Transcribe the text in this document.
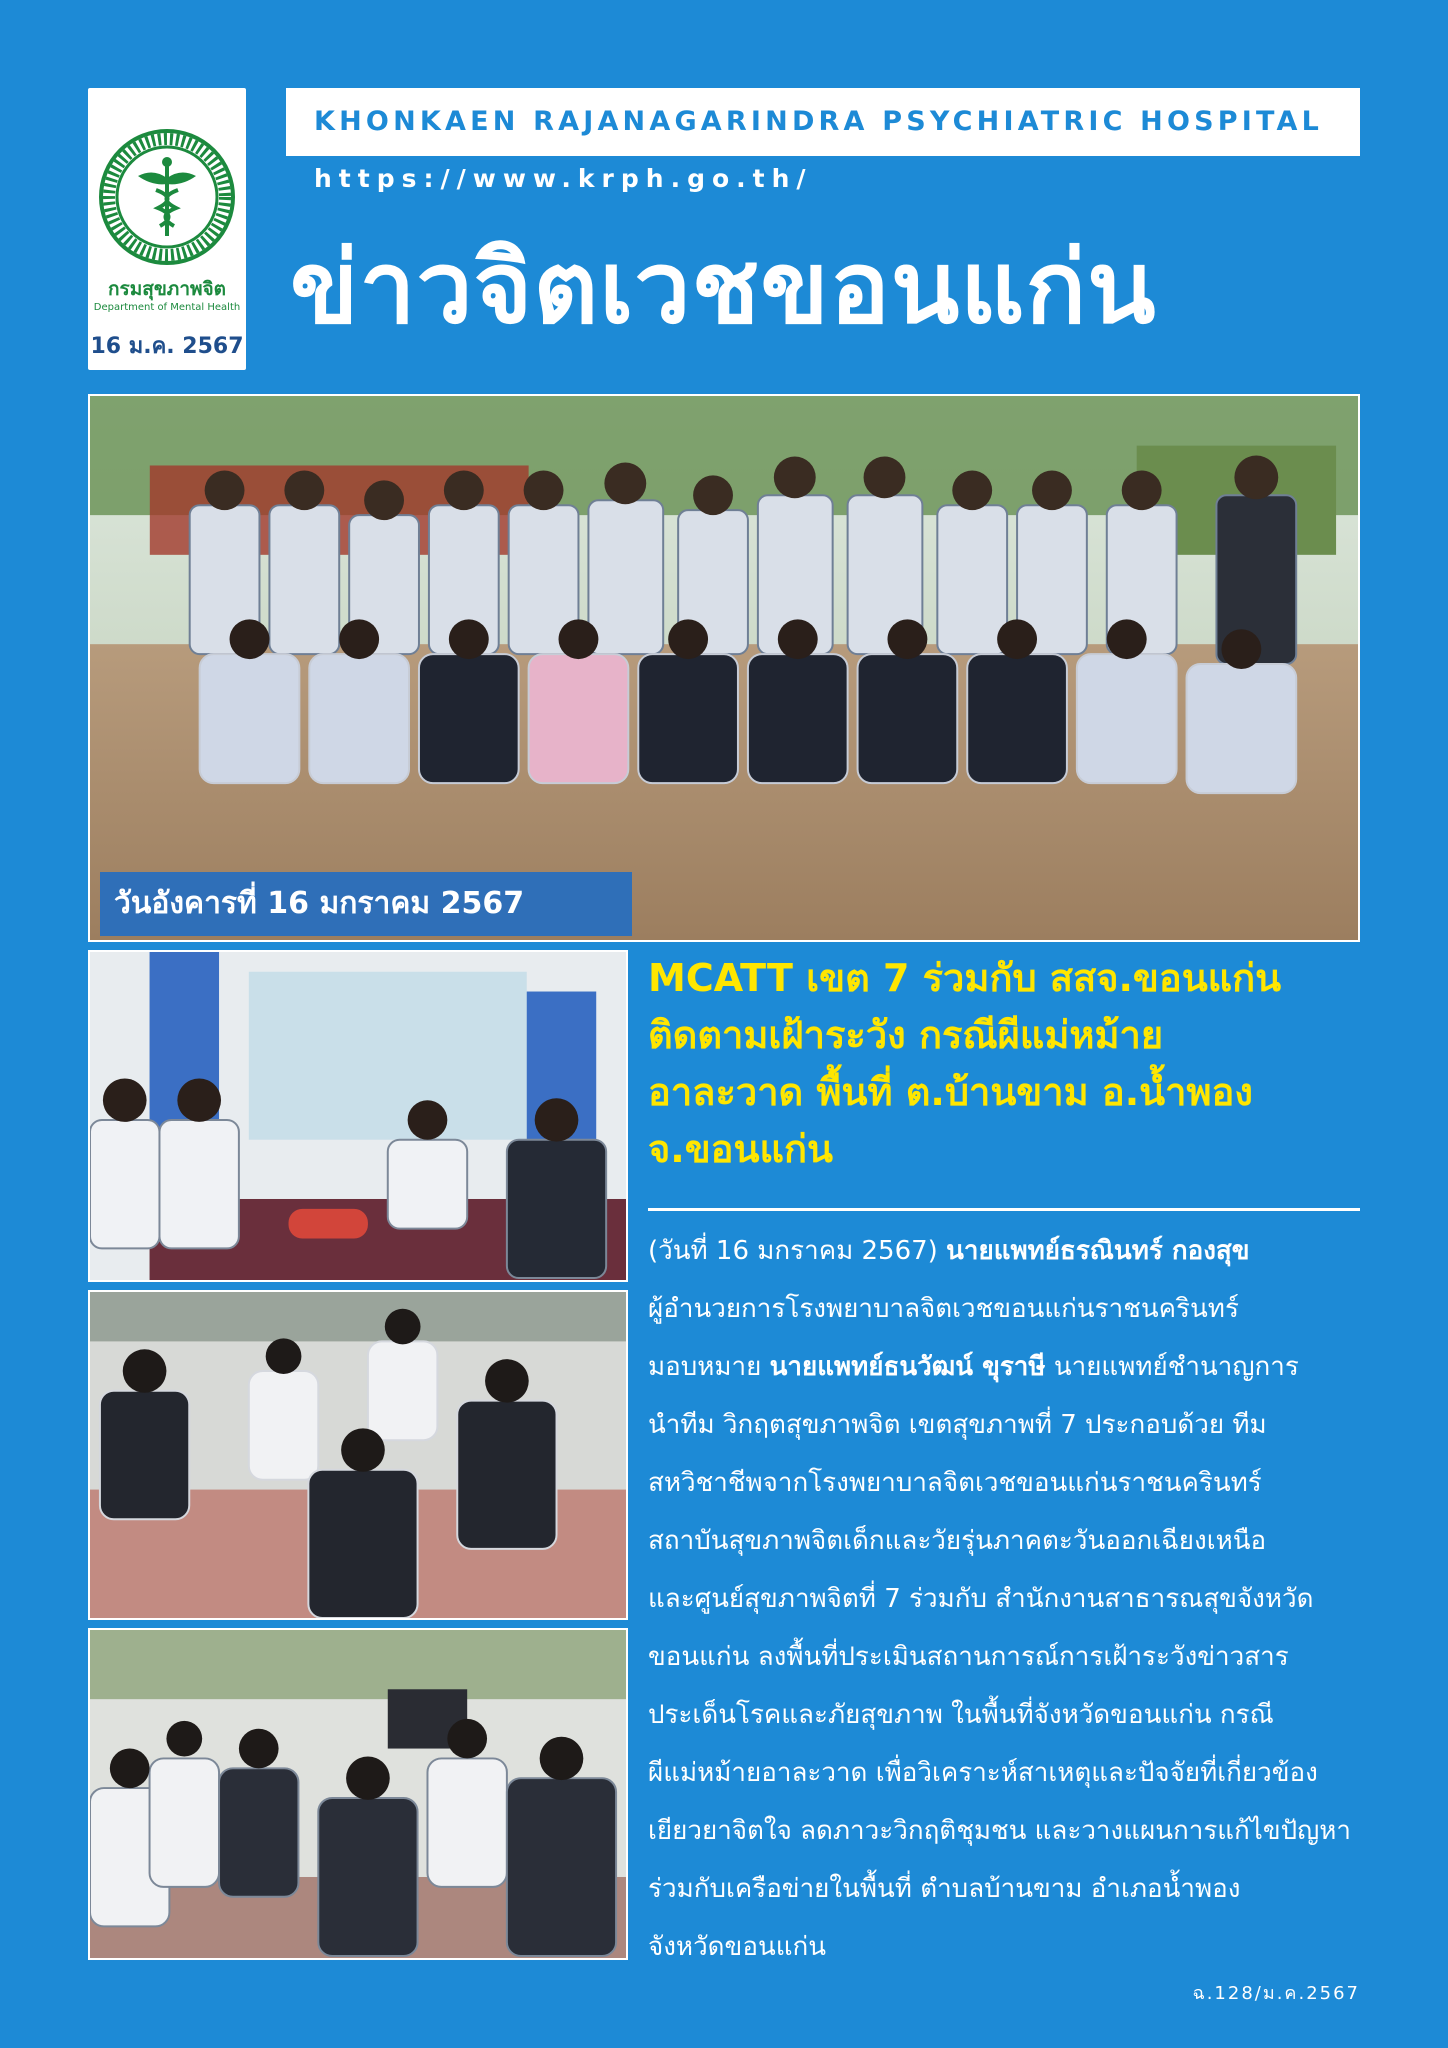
กรมสุขภาพจิต
Department of Mental Health
16 ม.ค. 2567
KHONKAEN RAJANAGARINDRA PSYCHIATRIC HOSPITAL
https://www.krph.go.th/
ข่าวจิตเวชขอนแก่น
วันอังคารที่ 16 มกราคม 2567
MCATT เขต 7 ร่วมกับ สสจ.ขอนแก่น
ติดตามเฝ้าระวัง กรณีผีแม่หม้าย
อาละวาด พื้นที่ ต.บ้านขาม อ.น้ำพอง
จ.ขอนแก่น
(วันที่ 16 มกราคม 2567) นายแพทย์ธรณินทร์ กองสุข
ผู้อำนวยการโรงพยาบาลจิตเวชขอนแก่นราชนครินทร์
มอบหมาย นายแพทย์ธนวัฒน์ ขุราษี นายแพทย์ชำนาญการ
นำทีม วิกฤตสุขภาพจิต เขตสุขภาพที่ 7 ประกอบด้วย ทีม
สหวิชาชีพจากโรงพยาบาลจิตเวชขอนแก่นราชนครินทร์
สถาบันสุขภาพจิตเด็กและวัยรุ่นภาคตะวันออกเฉียงเหนือ
และศูนย์สุขภาพจิตที่ 7 ร่วมกับ สำนักงานสาธารณสุขจังหวัด
ขอนแก่น ลงพื้นที่ประเมินสถานการณ์การเฝ้าระวังข่าวสาร
ประเด็นโรคและภัยสุขภาพ ในพื้นที่จังหวัดขอนแก่น กรณี
ผีแม่หม้ายอาละวาด เพื่อวิเคราะห์สาเหตุและปัจจัยที่เกี่ยวข้อง
เยียวยาจิตใจ ลดภาวะวิกฤติชุมชน และวางแผนการแก้ไขปัญหา
ร่วมกับเครือข่ายในพื้นที่ ตำบลบ้านขาม อำเภอน้ำพอง
จังหวัดขอนแก่น
ฉ.128/ม.ค.2567
